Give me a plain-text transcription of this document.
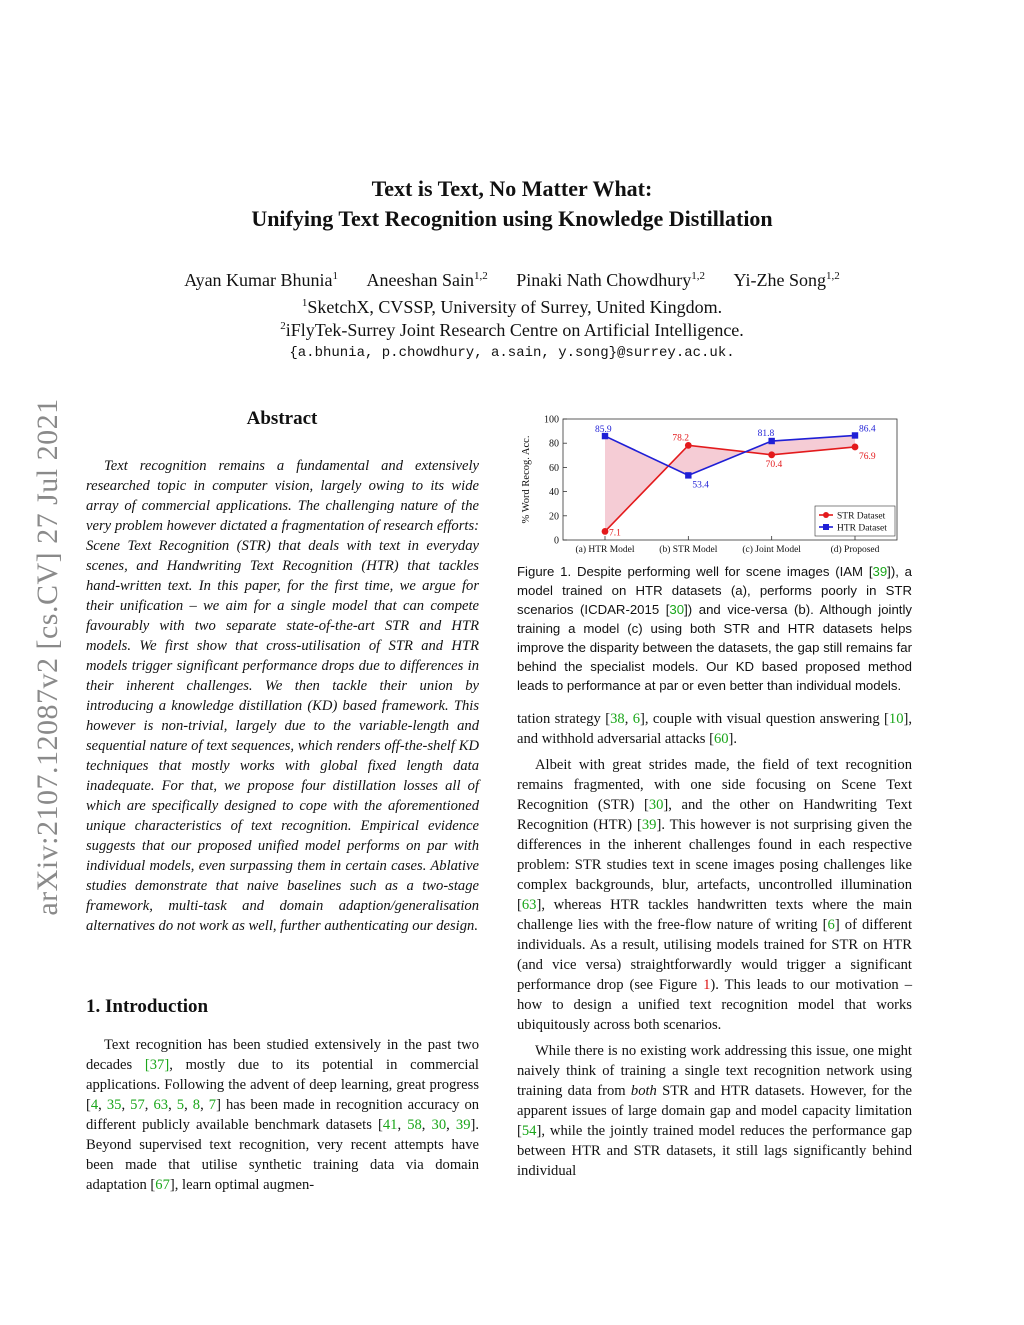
arXiv:2107.12087v2 [cs.CV] 27 Jul 2021
Text is Text, No Matter What:
Unifying Text Recognition using Knowledge Distillation
Ayan Kumar Bhunia$^1$ Aneeshan Sain$^{1,2}$ Pinaki Nath Chowdhury$^{1,2}$ Yi-Zhe Song$^{1,2}$
$^1$SketchX, CVSSP, University of Surrey, United Kingdom.
$^2$iFlyTek-Surrey Joint Research Centre on Artificial Intelligence.
{a.bhunia, p.chowdhury, a.sain, y.song}@surrey.ac.uk.
Abstract

Text recognition remains a fundamental and extensively researched topic in computer vision, largely owing to its wide array of commercial applications. The challenging nature of the very problem however dictated a fragmentation of research efforts: Scene Text Recognition (STR) that deals with text in everyday scenes, and Handwriting Text Recognition (HTR) that tackles hand-written text. In this paper, for the first time, we argue for their unification – we aim for a single model that can compete favourably with two separate state-of-the-art STR and HTR models. We first show that cross-utilisation of STR and HTR models trigger significant performance drops due to differences in their inherent challenges. We then tackle their union by introducing a knowledge distillation (KD) based framework. This however is non-trivial, largely due to the variable-length and sequential nature of text sequences, which renders off-the-shelf KD techniques that mostly works with global fixed length data inadequate. For that, we propose four distillation losses all of which are specifically designed to cope with the aforementioned unique characteristics of text recognition. Empirical evidence suggests that our proposed unified model performs on par with individual models, even surpassing them in certain cases. Ablative studies demonstrate that naive baselines such as a two-stage framework, multi-task and domain adaption/generalisation alternatives do not work as well, further authenticating our design.

1. Introduction

Text recognition has been studied extensively in the past two decades [37], mostly due to its potential in commercial applications. Following the advent of deep learning, great progress [4, 35, 57, 63, 5, 8, 7] has been made in recognition accuracy on different publicly available benchmark datasets [41, 58, 30, 39]. Beyond supervised text recognition, very recent attempts have been made that utilise synthetic training data via domain adaptation [67], learn optimal augmen-

0
20
40
60
80
100
(a) HTR Model	(b) STR Model	(c) Joint Model	(d) Proposed
% Word Recog. Acc.
7.1
78.2
70.4
76.9
85.9
53.4
81.8	86.4
STR Dataset
HTR Dataset
Figure 1. Despite performing well for scene images (IAM [39]), a model trained on HTR datasets (a), performs poorly in STR scenarios (ICDAR-2015 [30]) and vice-versa (b). Although jointly training a model (c) using both STR and HTR datasets helps improve the disparity between the datasets, the gap still remains far behind the specialist models. Our KD based proposed method leads to performance at par or even better than individual models.

tation strategy [38, 6], couple with visual question answering [10], and withhold adversarial attacks [60].

Albeit with great strides made, the field of text recognition remains fragmented, with one side focusing on Scene Text Recognition (STR) [30], and the other on Handwriting Text Recognition (HTR) [39]. This however is not surprising given the differences in the inherent challenges found in each respective problem: STR studies text in scene images posing challenges like complex backgrounds, blur, artefacts, uncontrolled illumination [63], whereas HTR tackles handwritten texts where the main challenge lies with the free-flow nature of writing [6] of different individuals. As a result, utilising models trained for STR on HTR (and vice versa) straightforwardly would trigger a significant performance drop (see Figure 1). This leads to our motivation – how to design a unified text recognition model that works ubiquitously across both scenarios.

While there is no existing work addressing this issue, one might naively think of training a single text recognition network using training data from both STR and HTR datasets. However, for the apparent issues of large domain gap and model capacity limitation [54], while the jointly trained model reduces the performance gap between HTR and STR datasets, it still lags significantly behind individual
